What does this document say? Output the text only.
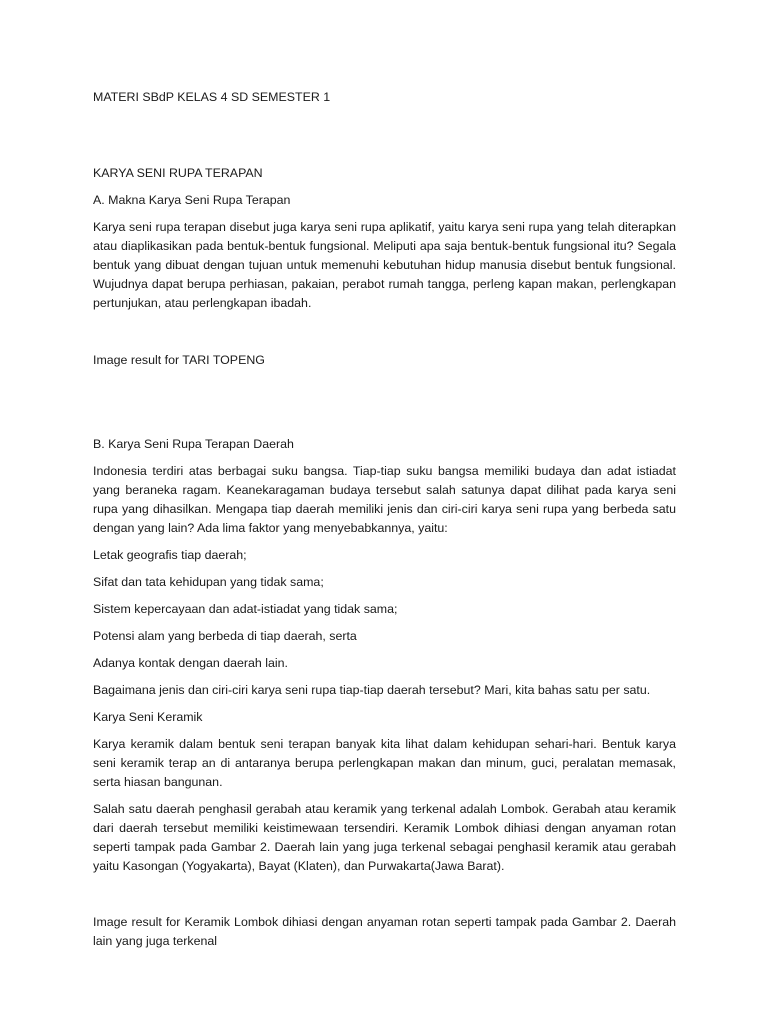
MATERI SBdP KELAS 4 SD SEMESTER 1

KARYA SENI RUPA TERAPAN

A. Makna Karya Seni Rupa Terapan

Karya seni rupa terapan disebut juga karya seni rupa aplikatif, yaitu karya seni rupa yang telah diterapkan atau diaplikasikan pada bentuk-bentuk fungsional. Meliputi apa saja bentuk-bentuk fungsional itu? Segala bentuk yang dibuat dengan tujuan untuk memenuhi kebutuhan hidup manusia disebut bentuk fungsional. Wujudnya dapat berupa perhiasan, pakaian, perabot rumah tangga, perleng kapan makan, perlengkapan pertunjukan, atau perlengkapan ibadah.

Image result for TARI TOPENG

B. Karya Seni Rupa Terapan Daerah

Indonesia terdiri atas berbagai suku bangsa. Tiap-tiap suku bangsa memiliki budaya dan adat istiadat yang beraneka ragam. Keanekaragaman budaya tersebut salah satunya dapat dilihat pada karya seni rupa yang dihasilkan. Mengapa tiap daerah memiliki jenis dan ciri-ciri karya seni rupa yang berbeda satu dengan yang lain? Ada lima faktor yang menyebabkannya, yaitu:

Letak geografis tiap daerah;

Sifat dan tata kehidupan yang tidak sama;

Sistem kepercayaan dan adat-istiadat yang tidak sama;

Potensi alam yang berbeda di tiap daerah, serta

Adanya kontak dengan daerah lain.

Bagaimana jenis dan ciri-ciri karya seni rupa tiap-tiap daerah tersebut? Mari, kita bahas satu per satu.

Karya Seni Keramik

Karya keramik dalam bentuk seni terapan banyak kita lihat dalam kehidupan sehari-hari. Bentuk karya seni keramik terap an di antaranya berupa perlengkapan makan dan minum, guci, peralatan memasak, serta hiasan bangunan.

Salah satu daerah penghasil gerabah atau keramik yang terkenal adalah Lombok. Gerabah atau keramik dari daerah tersebut memiliki keistimewaan tersendiri. Keramik Lombok dihiasi dengan anyaman rotan seperti tampak pada Gambar 2. Daerah lain yang juga terkenal sebagai penghasil keramik atau gerabah yaitu Kasongan (Yogyakarta), Bayat (Klaten), dan Purwakarta(Jawa Barat).

Image result for Keramik Lombok dihiasi dengan anyaman rotan seperti tampak pada Gambar 2. Daerah lain yang juga terkenal
